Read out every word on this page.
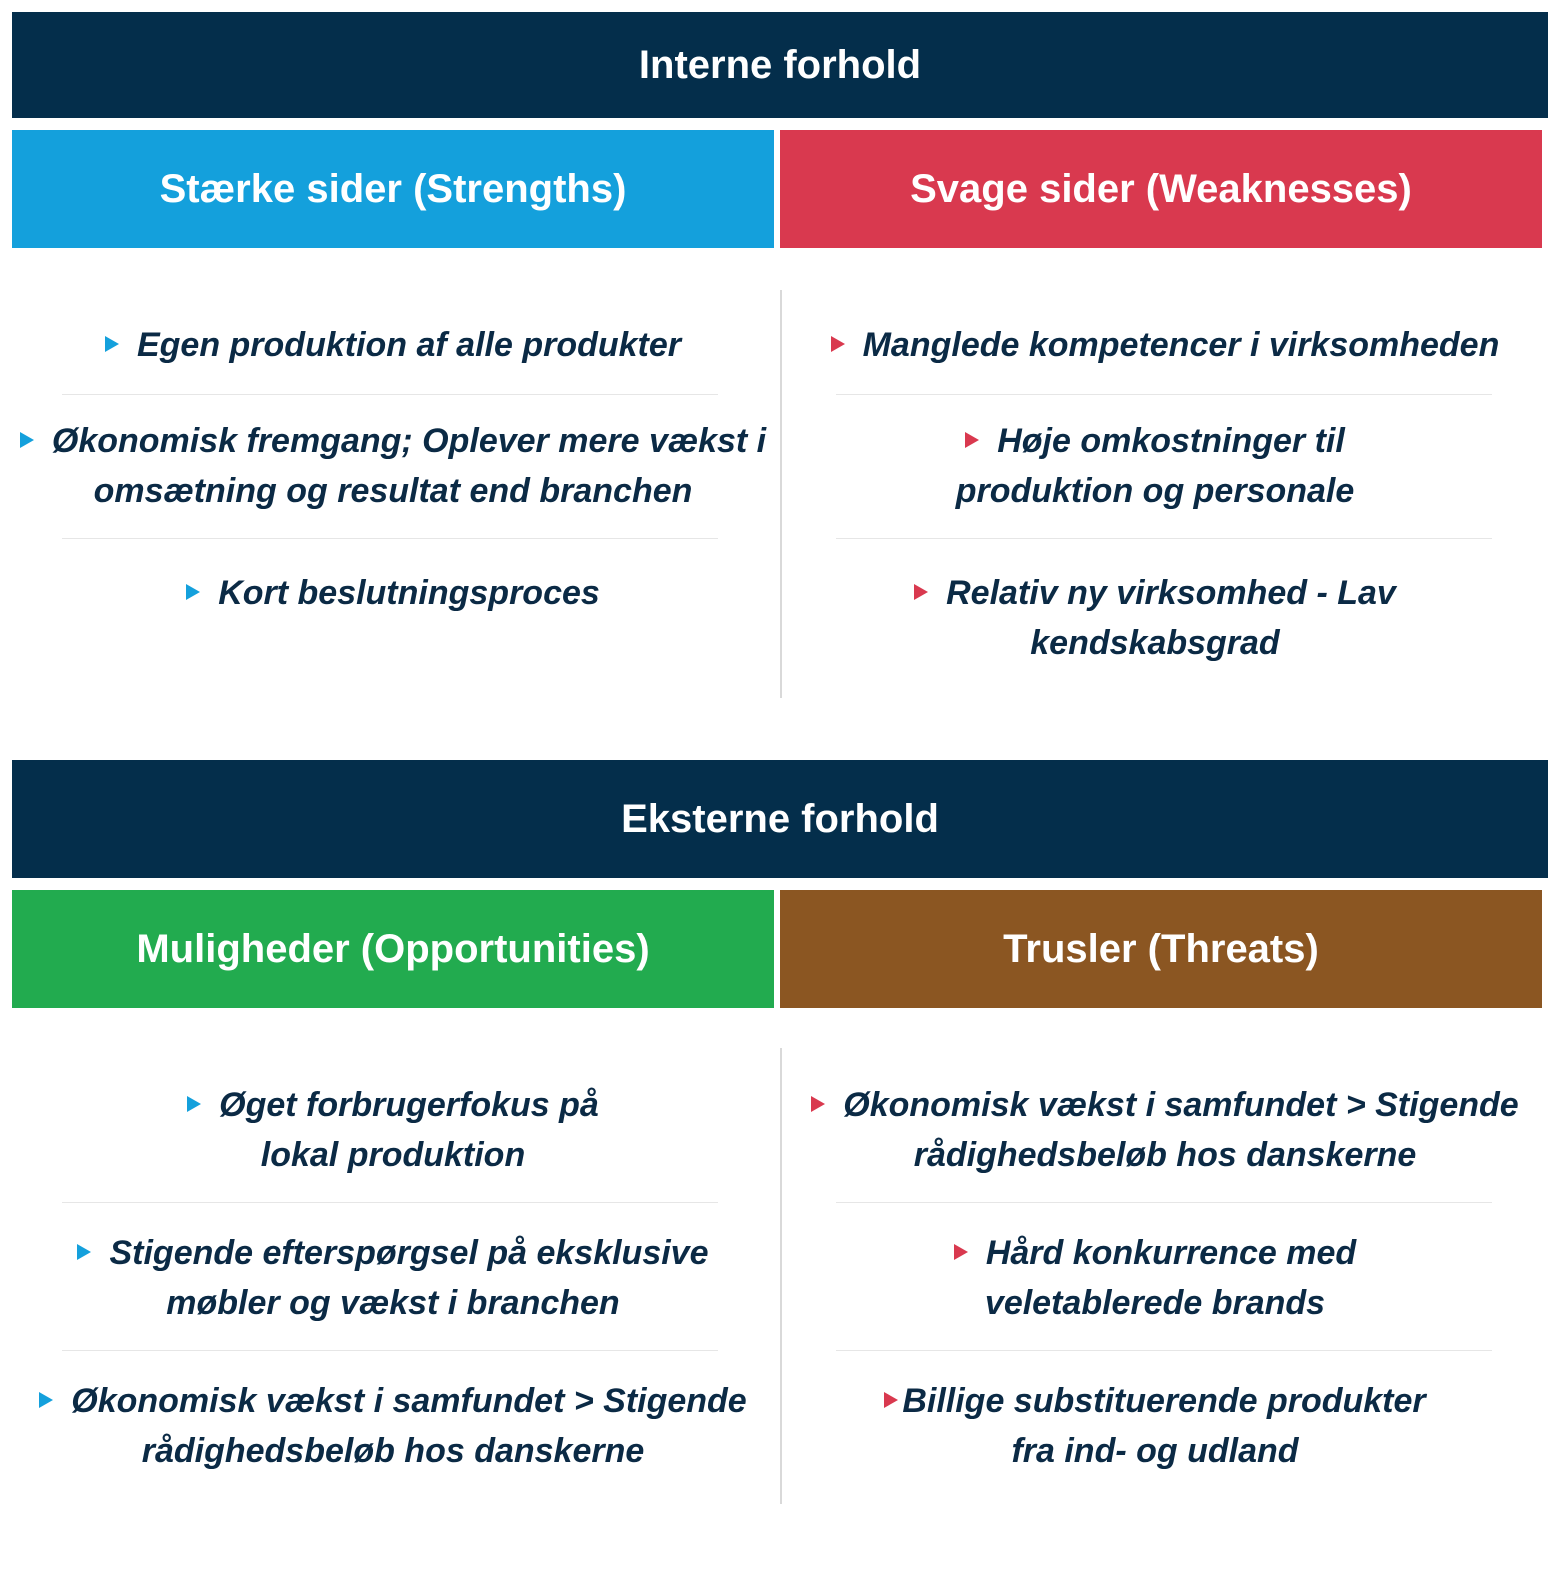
Interne forhold
Stærke sider (Strengths)	Svage sider (Weaknesses)
Egen produktion af alle produkter
Økonomisk fremgang; Oplever mere vækst i omsætning og resultat end branchen
Kort beslutningsproces
Manglede kompetencer i virksomheden
Høje omkostninger til produktion og personale
Relativ ny virksomhed - Lav kendskabsgrad
Eksterne forhold
Muligheder (Opportunities)	Trusler (Threats)
Øget forbrugerfokus på lokal produktion
Stigende efterspørgsel på eksklusive møbler og vækst i branchen
Økonomisk vækst i samfundet > Stigende rådighedsbeløb hos danskerne
Økonomisk vækst i samfundet > Stigende rådighedsbeløb hos danskerne
Hård konkurrence med veletablerede brands
Billige substituerende produkter fra ind- og udland
